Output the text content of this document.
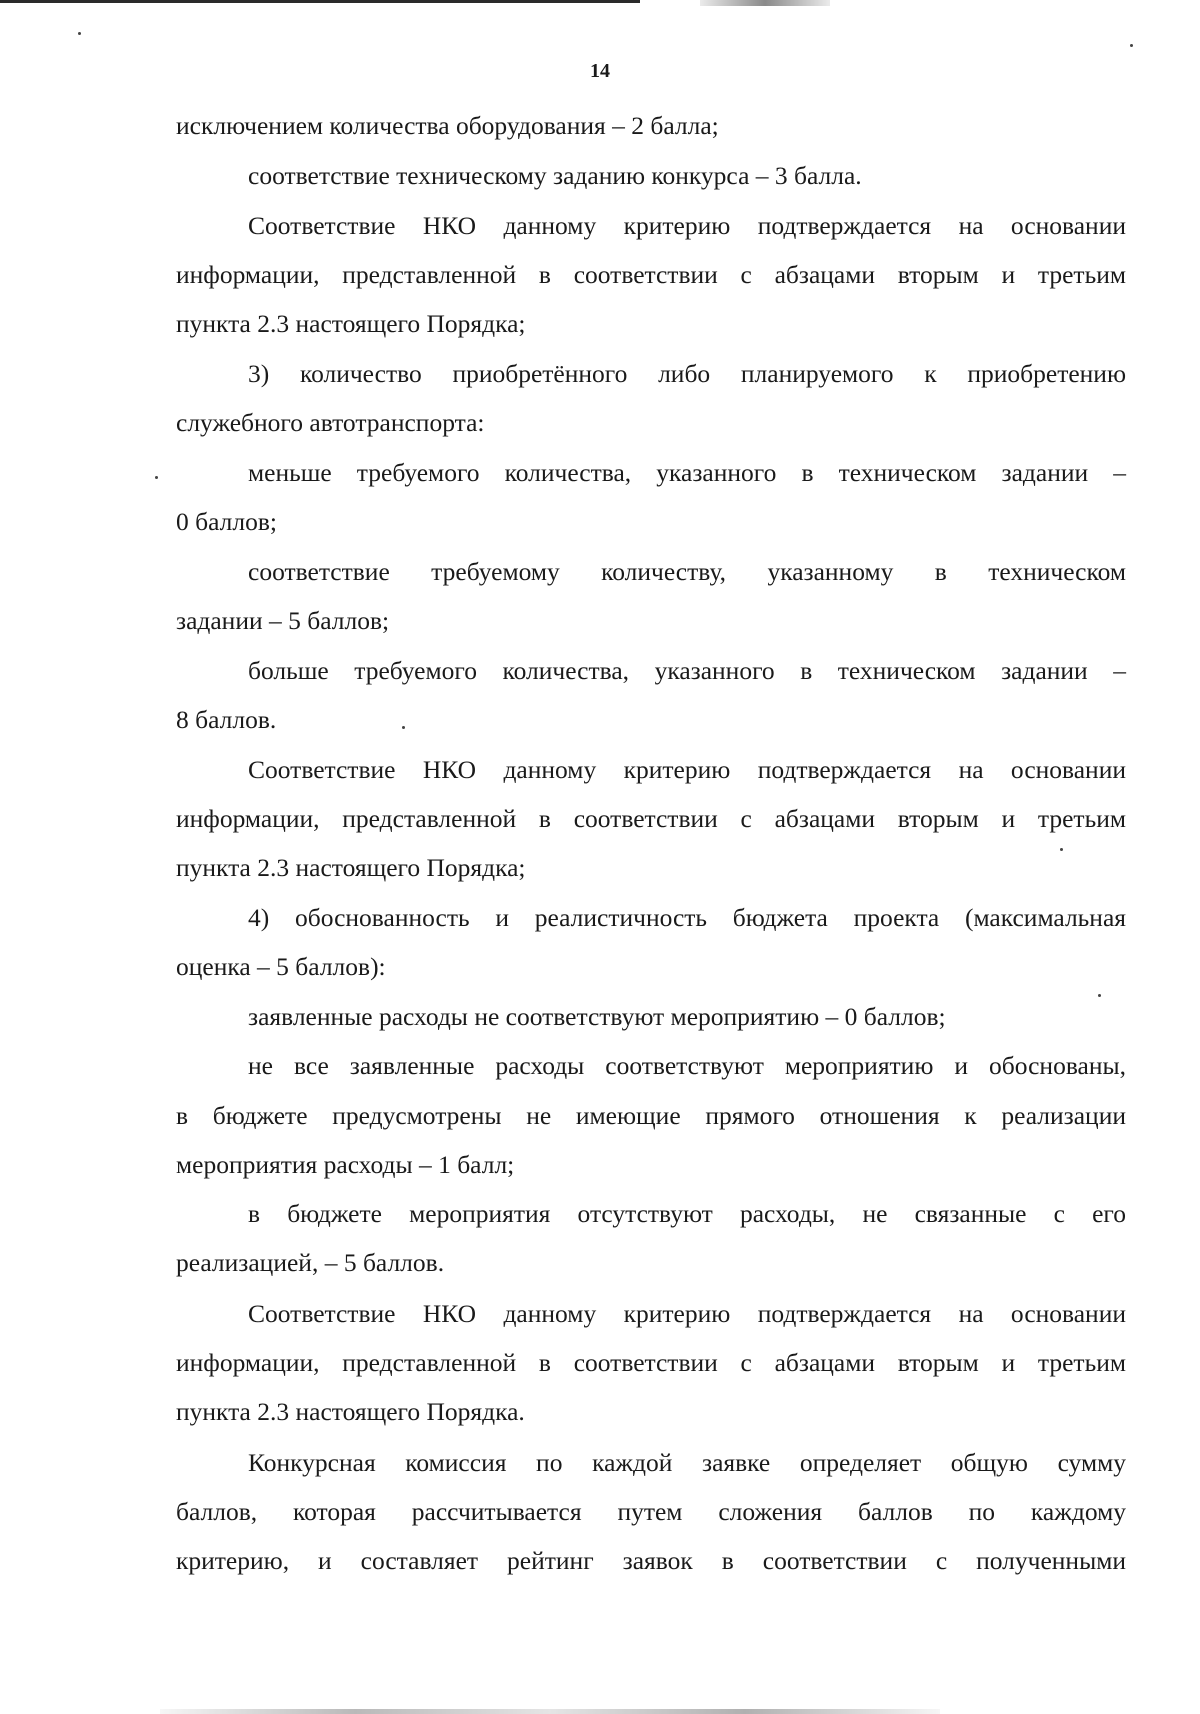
14
исключением количества оборудования – 2 балла;
соответствие техническому заданию конкурса – 3 балла.
Соответствие НКО данному критерию подтверждается на основании
информации, представленной в соответствии с абзацами вторым и третьим
пункта 2.3 настоящего Порядка;
3) количество приобретённого либо планируемого к приобретению
служебного автотранспорта:
меньше требуемого количества, указанного в техническом задании –
0 баллов;
соответствие требуемому количеству, указанному в техническом
задании – 5 баллов;
больше требуемого количества, указанного в техническом задании –
8 баллов.
Соответствие НКО данному критерию подтверждается на основании
информации, представленной в соответствии с абзацами вторым и третьим
пункта 2.3 настоящего Порядка;
4) обоснованность и реалистичность бюджета проекта (максимальная
оценка – 5 баллов):
заявленные расходы не соответствуют мероприятию – 0 баллов;
не все заявленные расходы соответствуют мероприятию и обоснованы,
в бюджете предусмотрены не имеющие прямого отношения к реализации
мероприятия расходы – 1 балл;
в бюджете мероприятия отсутствуют расходы, не связанные с его
реализацией, – 5 баллов.
Соответствие НКО данному критерию подтверждается на основании
информации, представленной в соответствии с абзацами вторым и третьим
пункта 2.3 настоящего Порядка.
Конкурсная комиссия по каждой заявке определяет общую сумму
баллов, которая рассчитывается путем сложения баллов по каждому
критерию, и составляет рейтинг заявок в соответствии с полученными
